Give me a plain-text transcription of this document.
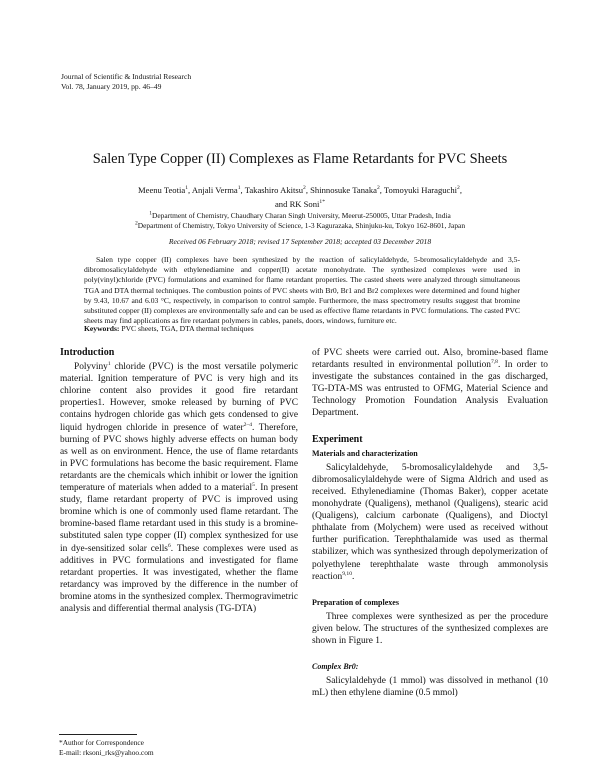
Journal of Scientific & Industrial Research
Vol. 78, January 2019, pp. 46–49
Salen Type Copper (II) Complexes as Flame Retardants for PVC Sheets
Meenu Teotia$^1$, Anjali Verma$^1$, Takashiro Akitsu$^2$, Shinnosuke Tanaka$^2$, Tomoyuki Haraguchi$^2$,
and RK Soni$^{1*}$
$^1$Department of Chemistry, Chaudhary Charan Singh University, Meerut-250005, Uttar Pradesh, India
$^2$Department of Chemistry, Tokyo University of Science, 1-3 Kagurazaka, Shinjuku-ku, Tokyo 162-8601, Japan
Received 06 February 2018; revised 17 September 2018; accepted 03 December 2018

Salen type copper (II) complexes have been synthesized by the reaction of salicylaldehyde, 5-bromosalicylaldehyde and 3,5-dibromosalicylaldehyde with ethylenediamine and copper(II) acetate monohydrate. The synthesized complexes were used in poly(vinyl)chloride (PVC) formulations and examined for flame retardant properties. The casted sheets were analyzed through simultaneous TGA and DTA thermal techniques. The combustion points of PVC sheets with Br0, Br1 and Br2 complexes were determined and found higher by 9.43, 10.67 and 6.03 °C, respectively, in comparison to control sample. Furthermore, the mass spectrometry results suggest that bromine substituted copper (II) complexes are environmentally safe and can be used as effective flame retardants in PVC formulations. The casted PVC sheets may find applications as fire retardant polymers in cables, panels, doors, windows, furniture etc.

Keywords: PVC sheets, TGA, DTA thermal techniques
Introduction

Polyviny$^1$ chloride (PVC) is the most versatile polymeric material. Ignition temperature of PVC is very high and its chlorine content also provides it good fire retardant properties1. However, smoke released by burning of PVC contains hydrogen chloride gas which gets condensed to give liquid hydrogen chloride in presence of water$^{2-4}$. Therefore, burning of PVC shows highly adverse effects on human body as well as on environment. Hence, the use of flame retardants in PVC formulations has become the basic requirement. Flame retardants are the chemicals which inhibit or lower the ignition temperature of materials when added to a material$^5$. In present study, flame retardant property of PVC is improved using bromine which is one of commonly used flame retardant. The bromine-based flame retardant used in this study is a bromine-substituted salen type copper (II) complex synthesized for use in dye-sensitized solar cells$^6$. These complexes were used as additives in PVC formulations and investigated for flame retardant properties. It was investigated, whether the flame retardancy was improved by the difference in the number of bromine atoms in the synthesized complex. Thermogravimetric analysis and differential thermal analysis (TG-DTA)

of PVC sheets were carried out. Also, bromine-based flame retardants resulted in environmental pollution$^{7,8}$. In order to investigate the substances contained in the gas discharged, TG-DTA-MS was entrusted to OFMG, Material Science and Technology Promotion Foundation Analysis Evaluation Department.

Experiment
Materials and characterization

Salicylaldehyde, 5-bromosalicylaldehyde and 3,5-dibromosalicylaldehyde were of Sigma Aldrich and used as received. Ethylenediamine (Thomas Baker), copper acetate monohydrate (Qualigens), methanol (Qualigens), stearic acid (Qualigens), calcium carbonate (Qualigens), and Dioctyl phthalate from (Molychem) were used as received without further purification. Terephthalamide was used as thermal stabilizer, which was synthesized through depolymerization of polyethylene terephthalate waste through ammonolysis reaction$^{9,10}$.

Preparation of complexes

Three complexes were synthesized as per the procedure given below. The structures of the synthesized complexes are shown in Figure 1.

Complex Br0:

Salicylaldehyde (1 mmol) was dissolved in methanol (10 mL) then ethylene diamine (0.5 mmol)

*Author for Correspondence
E-mail: rksoni_rks@yahoo.com
